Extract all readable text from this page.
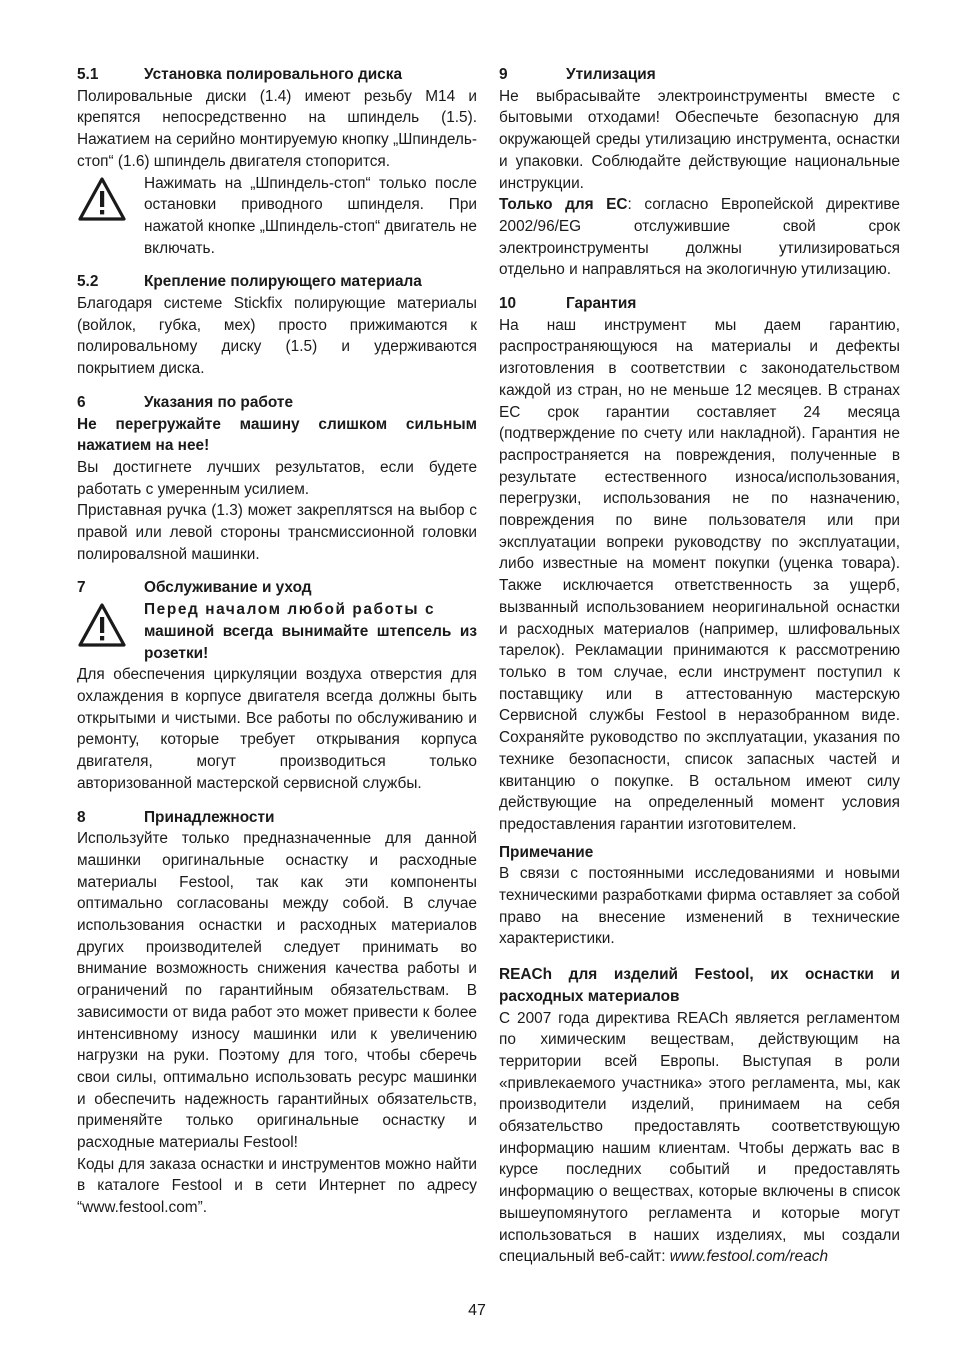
5.1	Установка полировального диска

Полировальные диски (1.4) имеют резьбу M14 и крепятся непосредственно на шпиндель (1.5). Нажатием на серийно монтируемую кнопку „Шпиндель-стоп“ (1.6) шпиндель двигателя стопорится.

Нажимать на „Шпиндель-стоп“ только после остановки приводного шпинделя. При нажатой кнопке „Шпиндель-стоп“ двигатель не включать.

5.2	Крепление полирующего материала

Благодаря системе Stickfix полирующие материалы (войлок, губка, мех) просто прижимаются к полировальному диску (1.5) и удерживаются покрытием диска.

6	Указания по работе

Не перегружайте машину слишком сильным нажатием на нее!

Вы достигнете лучших результатов, если будете работать с умеренным усилием.

Приставная ручка (1.3) может закреплятsся на выбор с правой или левой стороны трансмиссионной головки полировалsной машинки.

7	Обслуживание и уход

Перед началом любой работы с

машиной всегда вынимайте штепсель из розетки!

Для обеспечения циркуляции воздуха отверстия для охлаждения в корпусе двигателя всегда должны быть открытыми и чистыми. Все работы по обслуживанию и ремонту, которые требует открывания корпуса двигателя, могут производиться только авторизованной мастерской сервисной службы.

8	Принадлежности

Используйте только предназначенные для данной машинки оригинальные оснастку и расходные материалы Festool, так как эти компоненты оптимально согласованы между собой. В случае использования оснастки и расходных материалов других производителей следует принимать во внимание возможность снижения качества работы и ограничений по гарантийным обязательствам. В зависимости от вида работ это может привести к более интенсивному износу машинки или к увеличению нагрузки на руки. Поэтому для того, чтобы сберечь свои силы, оптимально использовать ресурс машинки и обеспечить надежность гарантийных обязательств, применяйте только оригинальные оснастку и расходные материалы Festool!

Коды для заказа оснастки и инструментов можно найти в каталоге Festool и в сети Интернет по адресу “www.festool.com”.

9	Утилизация

Не выбрасывайте электроинструменты вместе с бытовыми отходами! Обеспечьте безопасную для окружающей среды утилизацию инструмента, оснастки и упаковки. Соблюдайте действующие национальные инструкции.

Только для ЕС: согласно Европейской директиве 2002/96/EG отслужившие свой срок электроинструменты должны утилизироваться отдельно и направляться на экологичную утилизацию.

10	Гарантия

На наш инструмент мы даем гарантию, распространяющуюся на материалы и дефекты изготовления в соответствии с законодательством каждой из стран, но не меньше 12 месяцев. В странах ЕС срок гарантии составляет 24 месяца (подтверждение по счету или накладной). Гарантия не распространяется на повреждения, полученные в результате естественного износа/использования, перегрузки, использования не по назначению, повреждения по вине пользователя или при эксплуатации вопреки руководству по эксплуатации, либо известные на момент покупки (уценка товара). Также исключается ответственность за ущерб, вызванный использованием неоригинальной оснастки и расходных материалов (например, шлифовальных тарелок). Рекламации принимаются к рассмотрению только в том случае, если инструмент поступил к поставщику или в аттестованную мастерскую Сервисной службы Festool в неразобранном виде. Сохраняйте руководство по эксплуатации, указания по технике безопасности, список запасных частей и квитанцию о покупке. В остальном имеют силу действующие на определенный момент условия предоставления гарантии изготовителем.

Примечание

В связи с постоянными исследованиями и новыми техническими разработками фирма оставляет за собой право на внесение изменений в технические характеристики.

REACh для изделий Festool, их оснастки и расходных материалов

С 2007 года директива REACh является регламентом по химическим веществам, действующим на территории всей Европы. Выступая в роли «привлекаемого участника» этого регламента, мы, как производители изделий, принимаем на себя обязательство предоставлять соответствующую информацию нашим клиентам. Чтобы держать вас в курсе последних событий и предоставлять информацию о веществах, которые включены в список вышеупомянутого регламента и которые могут использоваться в наших изделиях, мы создали специальный веб-сайт: www.festool.com/reach

47
